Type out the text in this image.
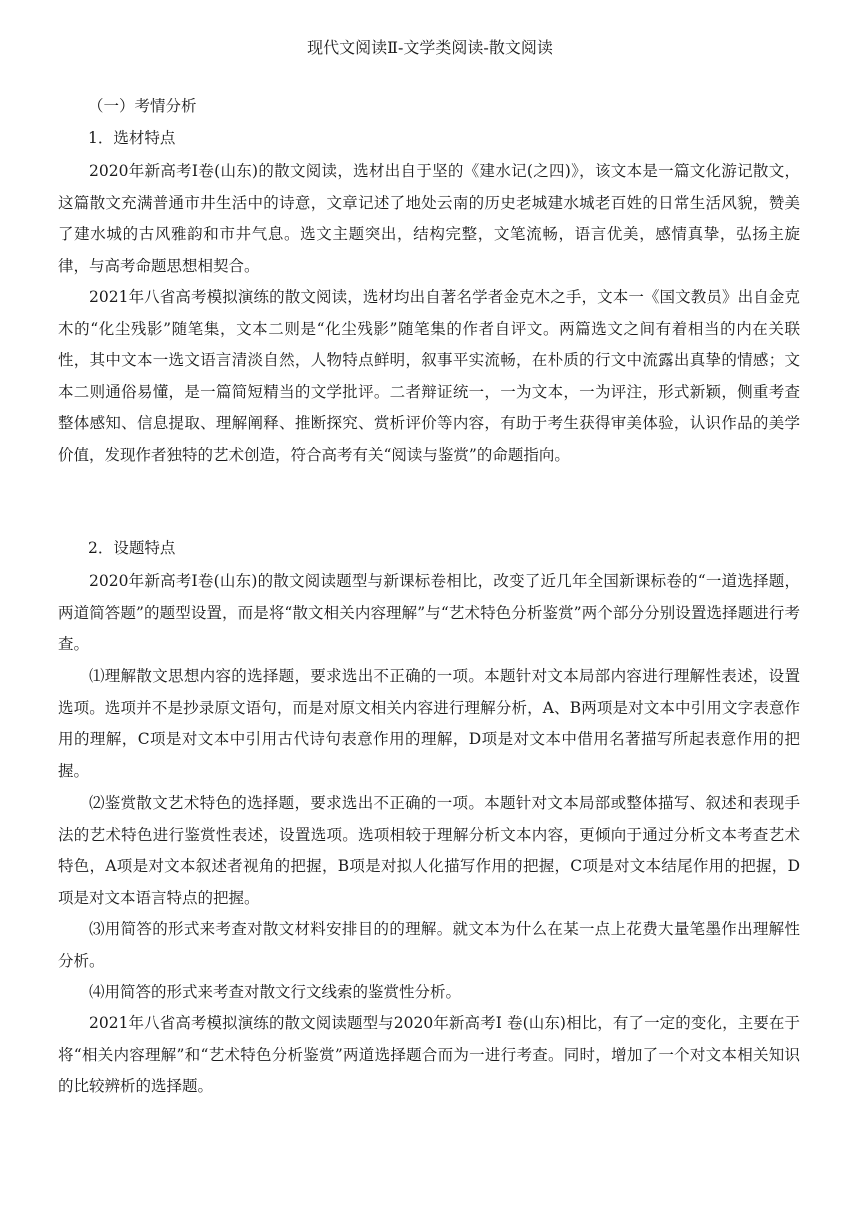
现代文阅读Ⅱ-文学类阅读-散文阅读
（一）考情分析
1．选材特点
2020年新高考Ⅰ卷(山东)的散文阅读，选材出自于坚的《建水记(之四)》，该文本是一篇文化游记散文，这篇散文充满普通市井生活中的诗意，文章记述了地处云南的历史老城建水城老百姓的日常生活风貌，赞美了建水城的古风雅韵和市井气息。选文主题突出，结构完整，文笔流畅，语言优美，感情真挚，弘扬主旋律，与高考命题思想相契合。
2021年八省高考模拟演练的散文阅读，选材均出自著名学者金克木之手，文本一《国文教员》出自金克木的“化尘残影”随笔集，文本二则是“化尘残影”随笔集的作者自评文。两篇选文之间有着相当的内在关联性，其中文本一选文语言清淡自然，人物特点鲜明，叙事平实流畅，在朴质的行文中流露出真挚的情感；文本二则通俗易懂，是一篇简短精当的文学批评。二者辩证统一，一为文本，一为评注，形式新颖，侧重考查整体感知、信息提取、理解阐释、推断探究、赏析评价等内容，有助于考生获得审美体验，认识作品的美学价值，发现作者独特的艺术创造，符合高考有关“阅读与鉴赏”的命题指向。
2．设题特点
2020年新高考Ⅰ卷(山东)的散文阅读题型与新课标卷相比，改变了近几年全国新课标卷的“一道选择题，两道简答题”的题型设置，而是将“散文相关内容理解”与“艺术特色分析鉴赏”两个部分分别设置选择题进行考查。
⑴理解散文思想内容的选择题，要求选出不正确的一项。本题针对文本局部内容进行理解性表述，设置选项。选项并不是抄录原文语句，而是对原文相关内容进行理解分析，A、B两项是对文本中引用文字表意作用的理解，C项是对文本中引用古代诗句表意作用的理解，D项是对文本中借用名著描写所起表意作用的把握。
⑵鉴赏散文艺术特色的选择题，要求选出不正确的一项。本题针对文本局部或整体描写、叙述和表现手法的艺术特色进行鉴赏性表述，设置选项。选项相较于理解分析文本内容，更倾向于通过分析文本考查艺术特色，A项是对文本叙述者视角的把握，B项是对拟人化描写作用的把握，C项是对文本结尾作用的把握，D项是对文本语言特点的把握。
⑶用简答的形式来考查对散文材料安排目的的理解。就文本为什么在某一点上花费大量笔墨作出理解性分析。
⑷用简答的形式来考查对散文行文线索的鉴赏性分析。
2021年八省高考模拟演练的散文阅读题型与2020年新高考Ⅰ 卷(山东)相比，有了一定的变化，主要在于将“相关内容理解”和“艺术特色分析鉴赏”两道选择题合而为一进行考查。同时，增加了一个对文本相关知识的比较辨析的选择题。
